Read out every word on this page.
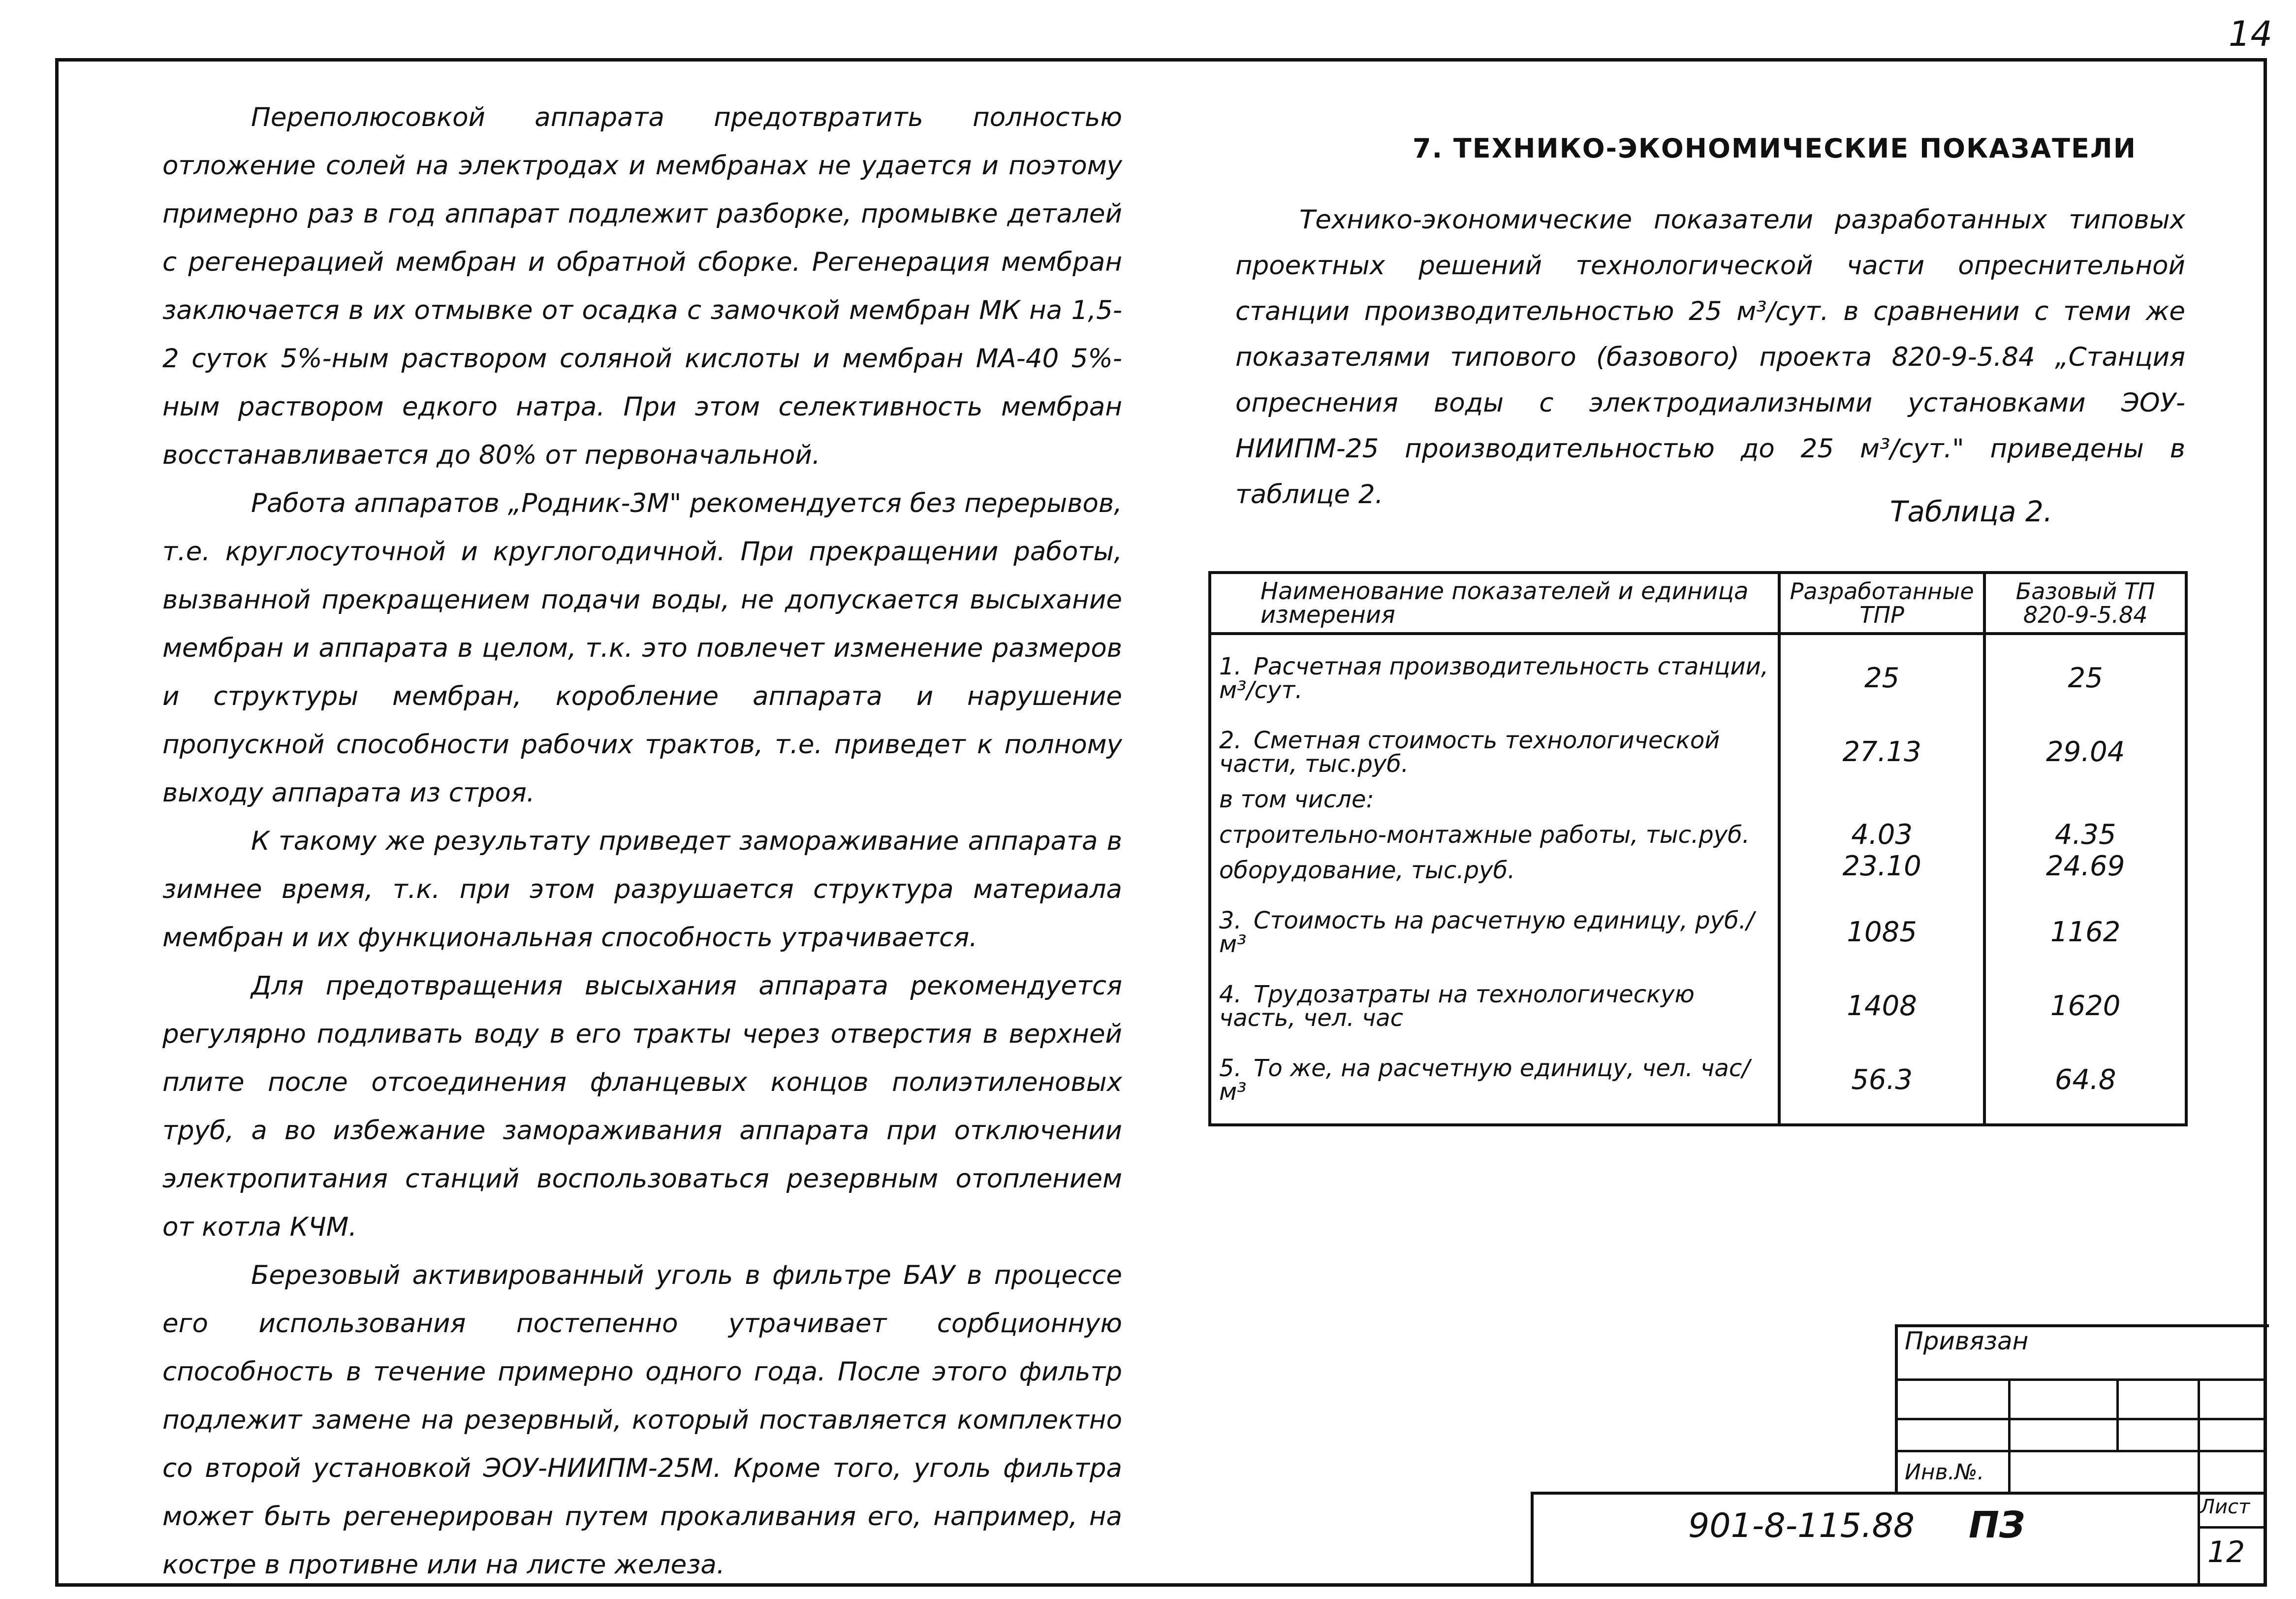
14

Переполюсовкой аппарата предотвратить полностью отложение солей на электродах и мембранах не удается и поэтому примерно раз в год аппарат подлежит разборке, промывке деталей с регенерацией мембран и обратной сборке. Регенерация мембран заключается в их отмывке от осадка с замочкой мембран МК на 1,5-2 суток 5%-ным раствором соляной кислоты и мембран МА-40 5%-ным раствором едкого натра. При этом селективность мембран восстанавливается до 80% от первоначальной.

Работа аппаратов „Родник-3М" рекомендуется без перерывов, т.е. круглосуточной и круглогодичной. При прекращении работы, вызванной прекращением подачи воды, не допускается высыхание мембран и аппарата в целом, т.к. это повлечет изменение размеров и структуры мембран, коробление аппарата и нарушение пропускной способности рабочих трактов, т.е. приведет к полному выходу аппарата из строя.

К такому же результату приведет замораживание аппарата в зимнее время, т.к. при этом разрушается структура материала мембран и их функциональная способность утрачивается.

Для предотвращения высыхания аппарата рекомендуется регулярно подливать воду в его тракты через отверстия в верхней плите после отсоединения фланцевых концов полиэтиленовых труб, а во избежание замораживания аппарата при отключении электропитания станций воспользоваться резервным отоплением от котла КЧМ.

Березовый активированный уголь в фильтре БАУ в процессе его использования постепенно утрачивает сорбционную способность в течение примерно одного года. После этого фильтр подлежит замене на резервный, который поставляется комплектно со второй установкой ЭОУ-НИИПМ-25М. Кроме того, уголь фильтра может быть регенерирован путем прокаливания его, например, на костре в противне или на листе железа.

7. ТЕХНИКО-ЭКОНОМИЧЕСКИЕ ПОКАЗАТЕЛИ
Технико-экономические показатели разработанных типовых проектных решений технологической части опреснительной станции производительностью 25 м³/сут. в сравнении с теми же показателями типового (базового) проекта 820-9-5.84 „Станция опреснения воды с электродиализными установками ЭОУ-НИИПМ-25 производительностью до 25 м³/сут." приведены в таблице 2.
Таблица 2.
Наименование показателей и единица измерения	Разработанные ТПР	Базовый ТП 820-9-5.84
1. Расчетная производительность станции, м³/сут.	25	25
2. Сметная стоимость технологической части, тыс.руб.	27.13	29.04
в том числе:		
строительно-монтажные работы, тыс.руб.	4.03	4.35
оборудование, тыс.руб.	23.10	24.69
3. Стоимость на расчетную единицу, руб./м³	1085	1162
4. Трудозатраты на технологическую часть, чел. час	1408	1620
5. То же, на расчетную единицу, чел. час/м³	56.3	64.8
Привязан
Инв.№.
901-8-115.88 ПЗ	Лист
12
